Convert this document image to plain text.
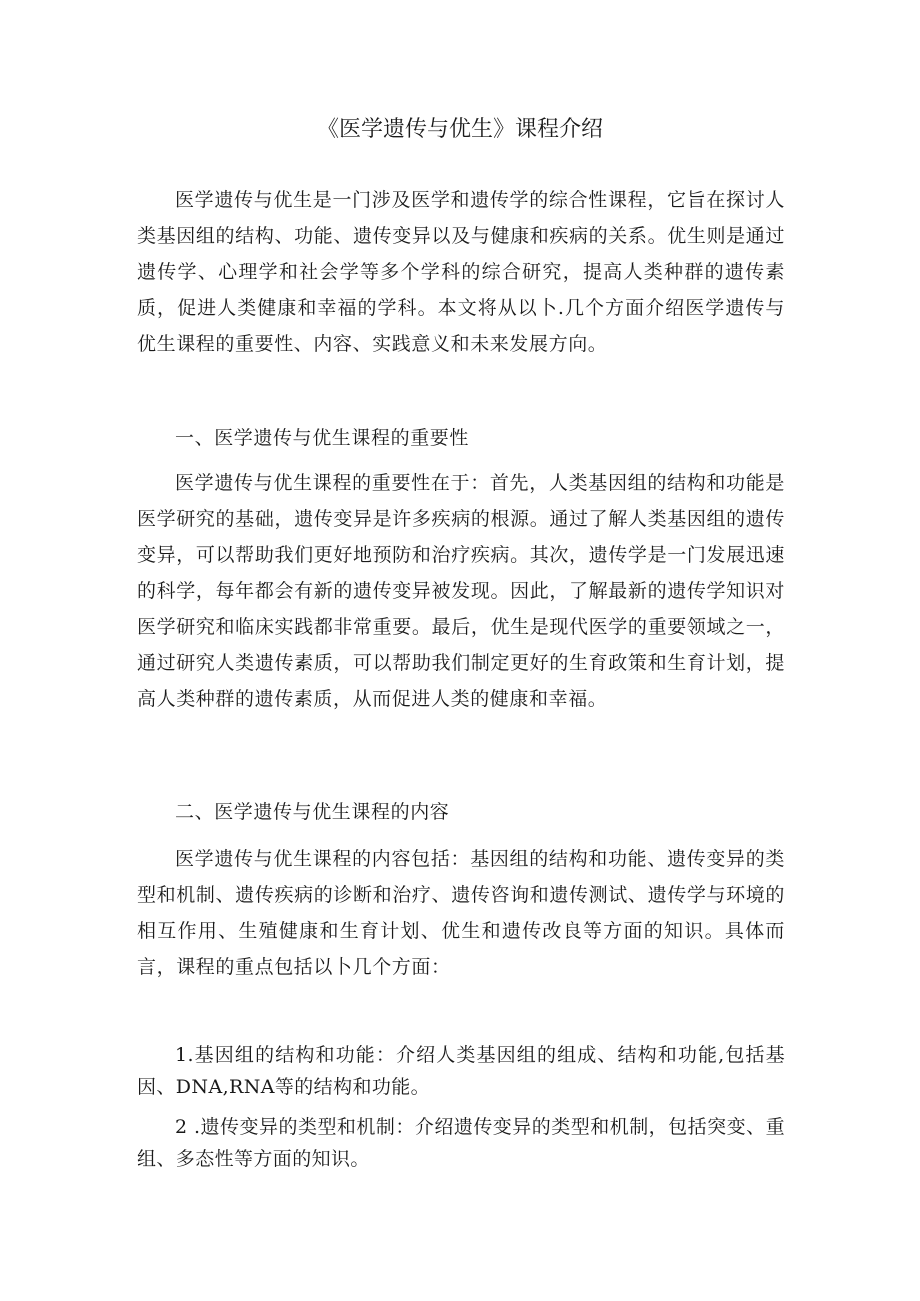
《医学遗传与优生》课程介绍

医学遗传与优生是一门涉及医学和遗传学的综合性课程，它旨在探讨人类基因组的结构、功能、遗传变异以及与健康和疾病的关系。优生则是通过遗传学、心理学和社会学等多个学科的综合研究，提高人类种群的遗传素质，促进人类健康和幸福的学科。本文将从以卜.几个方面介绍医学遗传与优生课程的重要性、内容、实践意义和未来发展方向。

一、医学遗传与优生课程的重要性

医学遗传与优生课程的重要性在于：首先，人类基因组的结构和功能是医学研究的基础，遗传变异是许多疾病的根源。通过了解人类基因组的遗传变异，可以帮助我们更好地预防和治疗疾病。其次，遗传学是一门发展迅速的科学，每年都会有新的遗传变异被发现。因此，了解最新的遗传学知识对医学研究和临床实践都非常重要。最后，优生是现代医学的重要领域之一，通过研究人类遗传素质，可以帮助我们制定更好的生育政策和生育计划，提高人类种群的遗传素质，从而促进人类的健康和幸福。

二、医学遗传与优生课程的内容

医学遗传与优生课程的内容包括：基因组的结构和功能、遗传变异的类型和机制、遗传疾病的诊断和治疗、遗传咨询和遗传测试、遗传学与环境的相互作用、生殖健康和生育计划、优生和遗传改良等方面的知识。具体而言，课程的重点包括以卜几个方面：

1.基因组的结构和功能：介绍人类基因组的组成、结构和功能,包括基因、DNA,RNA等的结构和功能。

2 .遗传变异的类型和机制：介绍遗传变异的类型和机制，包括突变、重组、多态性等方面的知识。
